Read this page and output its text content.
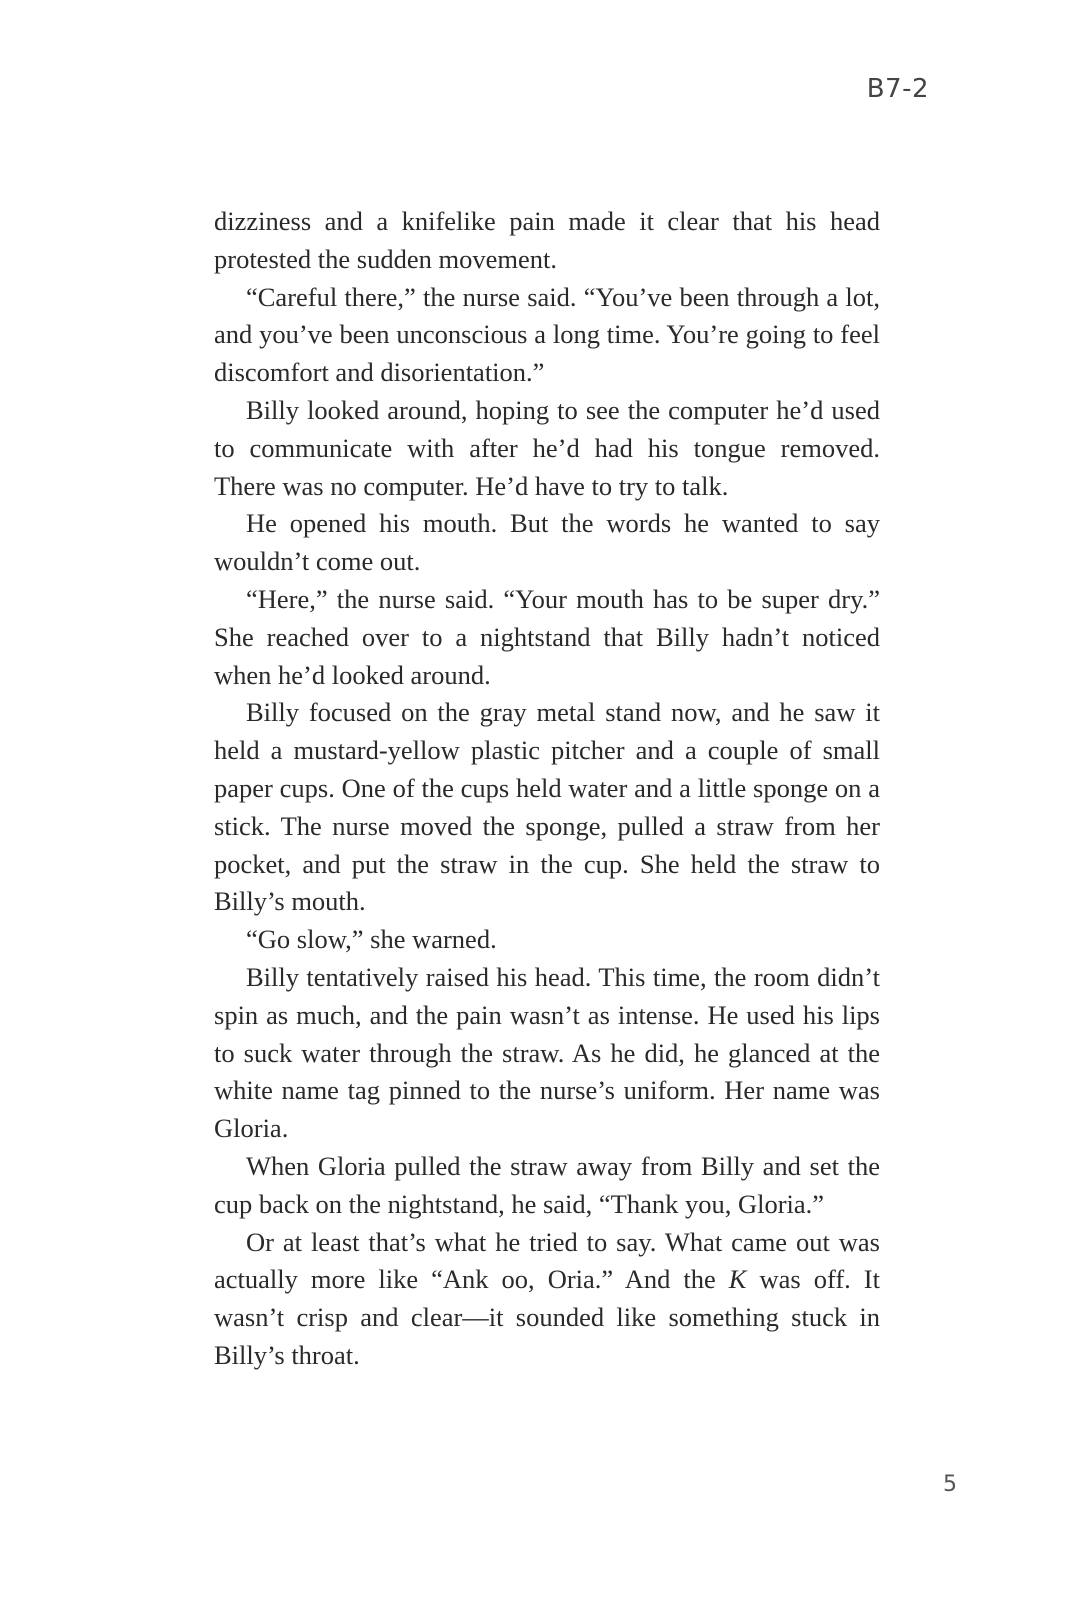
B7-2

dizziness and a knifelike pain made it clear that his head protested the sudden movement.

“Careful there,” the nurse said. “You’ve been through a lot, and you’ve been unconscious a long time. You’re going to feel discomfort and disorientation.”

Billy looked around, hoping to see the computer he’d used to communicate with after he’d had his tongue removed. There was no computer. He’d have to try to talk.

He opened his mouth. But the words he wanted to say wouldn’t come out.

“Here,” the nurse said. “Your mouth has to be super dry.” She reached over to a nightstand that Billy hadn’t noticed when he’d looked around.

Billy focused on the gray metal stand now, and he saw it held a mustard-yellow plastic pitcher and a couple of small paper cups. One of the cups held water and a little sponge on a stick. The nurse moved the sponge, pulled a straw from her pocket, and put the straw in the cup. She held the straw to Billy’s mouth.

“Go slow,” she warned.

Billy tentatively raised his head. This time, the room didn’t spin as much, and the pain wasn’t as intense. He used his lips to suck water through the straw. As he did, he glanced at the white name tag pinned to the nurse’s uniform. Her name was Gloria.

When Gloria pulled the straw away from Billy and set the cup back on the nightstand, he said, “Thank you, Gloria.”

Or at least that’s what he tried to say. What came out was actually more like “Ank oo, Oria.” And the K was off. It wasn’t crisp and clear—it sounded like something stuck in Billy’s throat.

5
